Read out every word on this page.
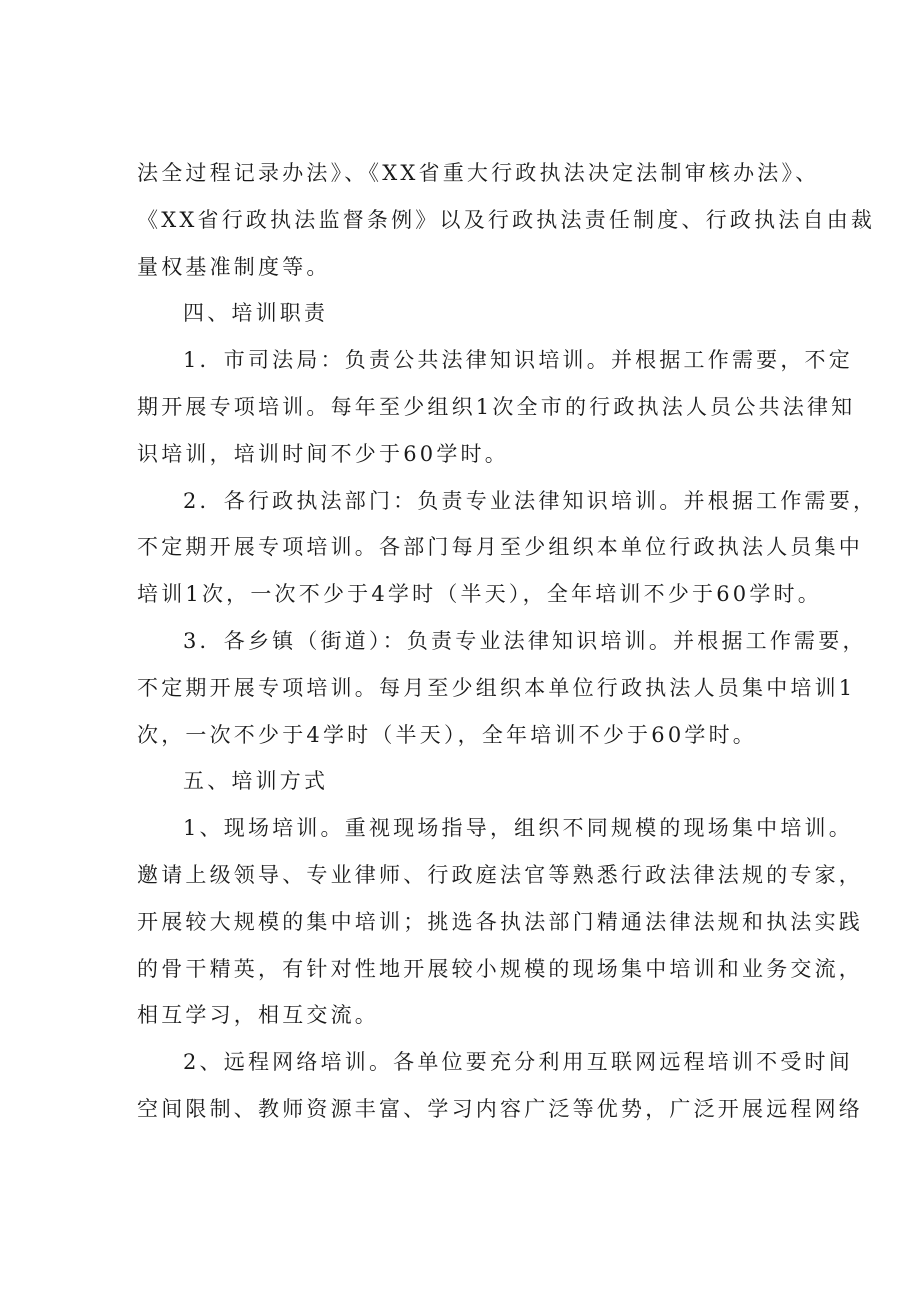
法全过程记录办法》、《XX省重大行政执法决定法制审核办法》、
《XX省行政执法监督条例》以及行政执法责任制度、行政执法自由裁
量权基准制度等。
四、培训职责
1．市司法局：负责公共法律知识培训。并根据工作需要，不定
期开展专项培训。每年至少组织1次全市的行政执法人员公共法律知
识培训，培训时间不少于60学时。
2．各行政执法部门：负责专业法律知识培训。并根据工作需要，
不定期开展专项培训。各部门每月至少组织本单位行政执法人员集中
培训1次，一次不少于4学时（半天），全年培训不少于60学时。
3．各乡镇（街道）：负责专业法律知识培训。并根据工作需要，
不定期开展专项培训。每月至少组织本单位行政执法人员集中培训1
次，一次不少于4学时（半天），全年培训不少于60学时。
五、培训方式
1、现场培训。重视现场指导，组织不同规模的现场集中培训。
邀请上级领导、专业律师、行政庭法官等熟悉行政法律法规的专家，
开展较大规模的集中培训；挑选各执法部门精通法律法规和执法实践
的骨干精英，有针对性地开展较小规模的现场集中培训和业务交流，
相互学习，相互交流。
2、远程网络培训。各单位要充分利用互联网远程培训不受时间
空间限制、教师资源丰富、学习内容广泛等优势，广泛开展远程网络
